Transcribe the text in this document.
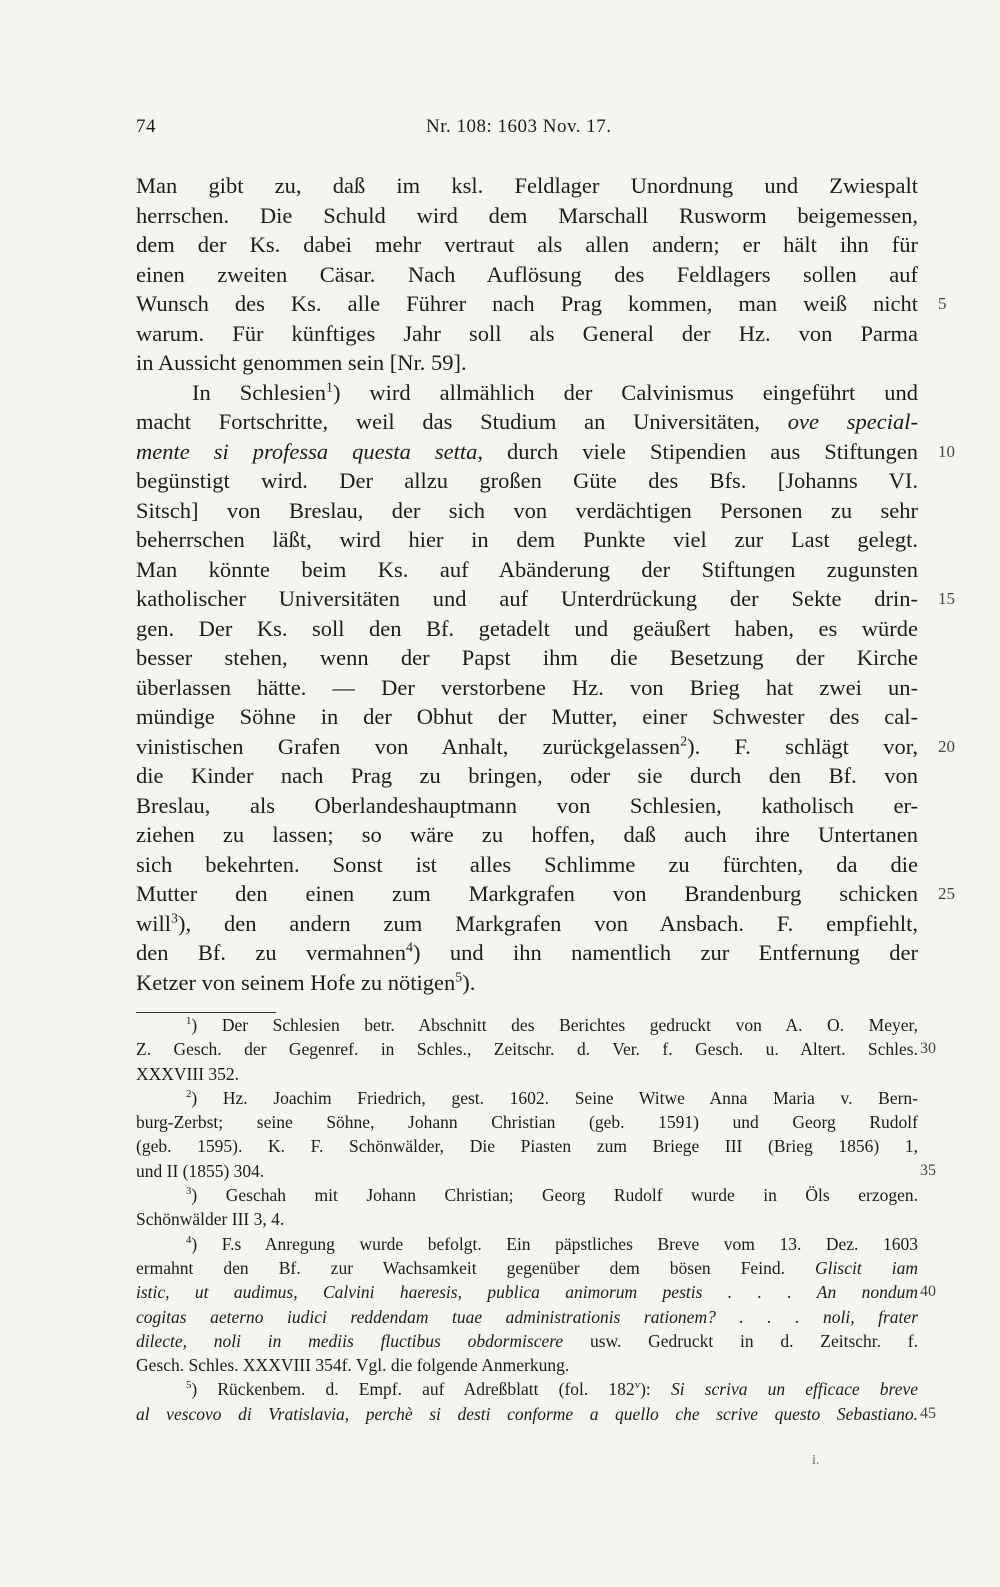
74	Nr. 108: 1603 Nov. 17.
Man gibt zu, daß im ksl. Feldlager Unordnung und Zwiespalt
herrschen. Die Schuld wird dem Marschall Rusworm beigemessen,
dem der Ks. dabei mehr vertraut als allen andern; er hält ihn für
einen zweiten Cäsar. Nach Auflösung des Feldlagers sollen auf
Wunsch des Ks. alle Führer nach Prag kommen, man weiß nicht 5
warum. Für künftiges Jahr soll als General der Hz. von Parma
in Aussicht genommen sein [Nr. 59].
In Schlesien$^1$) wird allmählich der Calvinismus eingeführt und
macht Fortschritte, weil das Studium an Universitäten, ove special-
mente si professa questa setta, durch viele Stipendien aus Stiftungen 10
begünstigt wird. Der allzu großen Güte des Bfs. [Johanns VI.
Sitsch] von Breslau, der sich von verdächtigen Personen zu sehr
beherrschen läßt, wird hier in dem Punkte viel zur Last gelegt.
Man könnte beim Ks. auf Abänderung der Stiftungen zugunsten
katholischer Universitäten und auf Unterdrückung der Sekte drin- 15
gen. Der Ks. soll den Bf. getadelt und geäußert haben, es würde
besser stehen, wenn der Papst ihm die Besetzung der Kirche
überlassen hätte. — Der verstorbene Hz. von Brieg hat zwei un-
mündige Söhne in der Obhut der Mutter, einer Schwester des cal-
vinistischen Grafen von Anhalt, zurückgelassen$^2$). F. schlägt vor, 20
die Kinder nach Prag zu bringen, oder sie durch den Bf. von
Breslau, als Oberlandeshauptmann von Schlesien, katholisch er-
ziehen zu lassen; so wäre zu hoffen, daß auch ihre Untertanen
sich bekehrten. Sonst ist alles Schlimme zu fürchten, da die
Mutter den einen zum Markgrafen von Brandenburg schicken 25
will$^3$), den andern zum Markgrafen von Ansbach. F. empfiehlt,
den Bf. zu vermahnen$^4$) und ihn namentlich zur Entfernung der
Ketzer von seinem Hofe zu nötigen$^5$).
$^1$) Der Schlesien betr. Abschnitt des Berichtes gedruckt von A. O. Meyer,
Z. Gesch. der Gegenref. in Schles., Zeitschr. d. Ver. f. Gesch. u. Altert. Schles. 30
XXXVIII 352.
$^2$) Hz. Joachim Friedrich, gest. 1602. Seine Witwe Anna Maria v. Bern-
burg-Zerbst; seine Söhne, Johann Christian (geb. 1591) und Georg Rudolf
(geb. 1595). K. F. Schönwälder, Die Piasten zum Briege III (Brieg 1856) 1,
und II (1855) 304.	35
$^3$) Geschah mit Johann Christian; Georg Rudolf wurde in Öls erzogen.
Schönwälder III 3, 4.
$^4$) F.s Anregung wurde befolgt. Ein päpstliches Breve vom 13. Dez. 1603
ermahnt den Bf. zur Wachsamkeit gegenüber dem bösen Feind. Gliscit iam
istic, ut audimus, Calvini haeresis, publica animorum pestis . . . An nondum 40
cogitas aeterno iudici reddendam tuae administrationis rationem? . . . noli, frater
dilecte, noli in mediis fluctibus obdormiscere usw. Gedruckt in d. Zeitschr. f.
Gesch. Schles. XXXVIII 354f. Vgl. die folgende Anmerkung.
$^5$) Rückenbem. d. Empf. auf Adreßblatt (fol. 182$^v$): Si scriva un efficace breve
al vescovo di Vratislavia, perchè si desti conforme a quello che scrive questo Sebastiano. 45
i.
